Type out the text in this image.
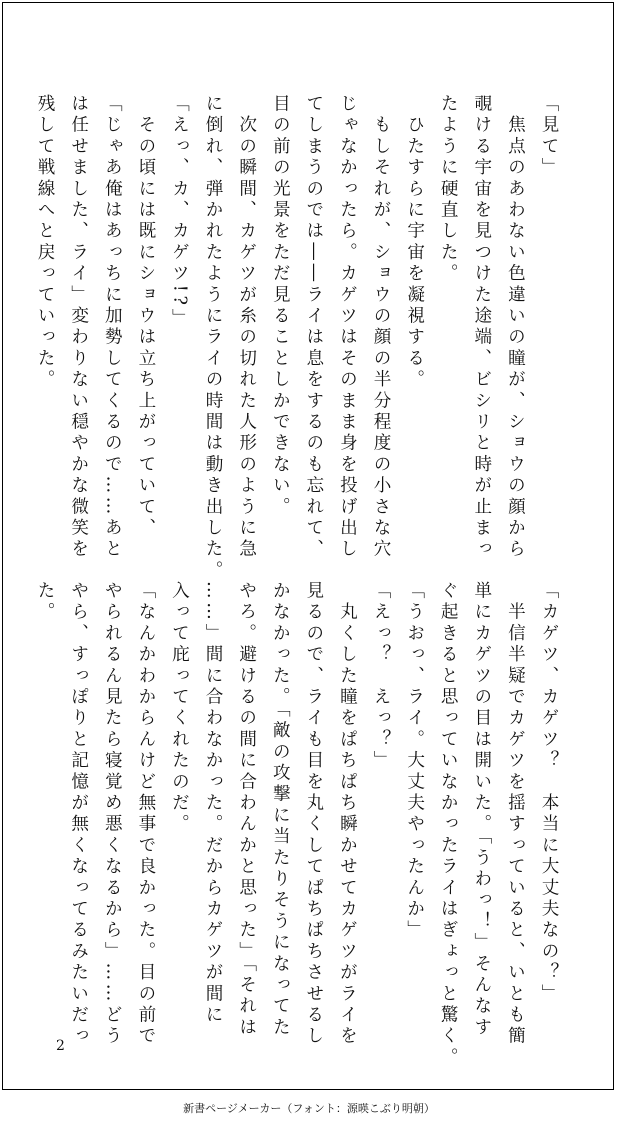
「見て」
　焦点のあわない色違いの瞳が、ショウの顔から
覗ける宇宙を見つけた途端、ビシリと時が止まっ
たように硬直した。
　ひたすらに宇宙を凝視する。
　もしそれが、ショウの顔の半分程度の小さな穴
じゃなかったら。カゲツはそのまま身を投げ出し
てしまうのでは――ライは息をするのも忘れて、
目の前の光景をただ見ることしかできない。
　次の瞬間、カゲツが糸の切れた人形のように急
に倒れ、弾かれたようにライの時間は動き出した。
「えっ、カ、カゲツ!?」
　その頃には既にショウは立ち上がっていて、
「じゃあ俺はあっちに加勢してくるので……あと
は任せました、ライ」変わりない穏やかな微笑を
残して戦線へと戻っていった。
「カゲツ、カゲツ？　本当に大丈夫なの？」
　半信半疑でカゲツを揺すっていると、いとも簡
単にカゲツの目は開いた。「うわっ！」そんなす
ぐ起きると思っていなかったライはぎょっと驚く。
「うおっ、ライ。大丈夫やったんか」
「えっ？　えっ？」
　丸くした瞳をぱちぱち瞬かせてカゲツがライを
見るので、ライも目を丸くしてぱちぱちさせるし
かなかった。「敵の攻撃に当たりそうになってた
やろ。避けるの間に合わんかと思った」「それは
……」間に合わなかった。だからカゲツが間に
入って庇ってくれたのだ。
「なんかわからんけど無事で良かった。目の前で
やられるん見たら寝覚め悪くなるから」……どう
やら、すっぽりと記憶が無くなってるみたいだっ
た。
2
新書ページメーカー（フォント：源暎こぶり明朝）
